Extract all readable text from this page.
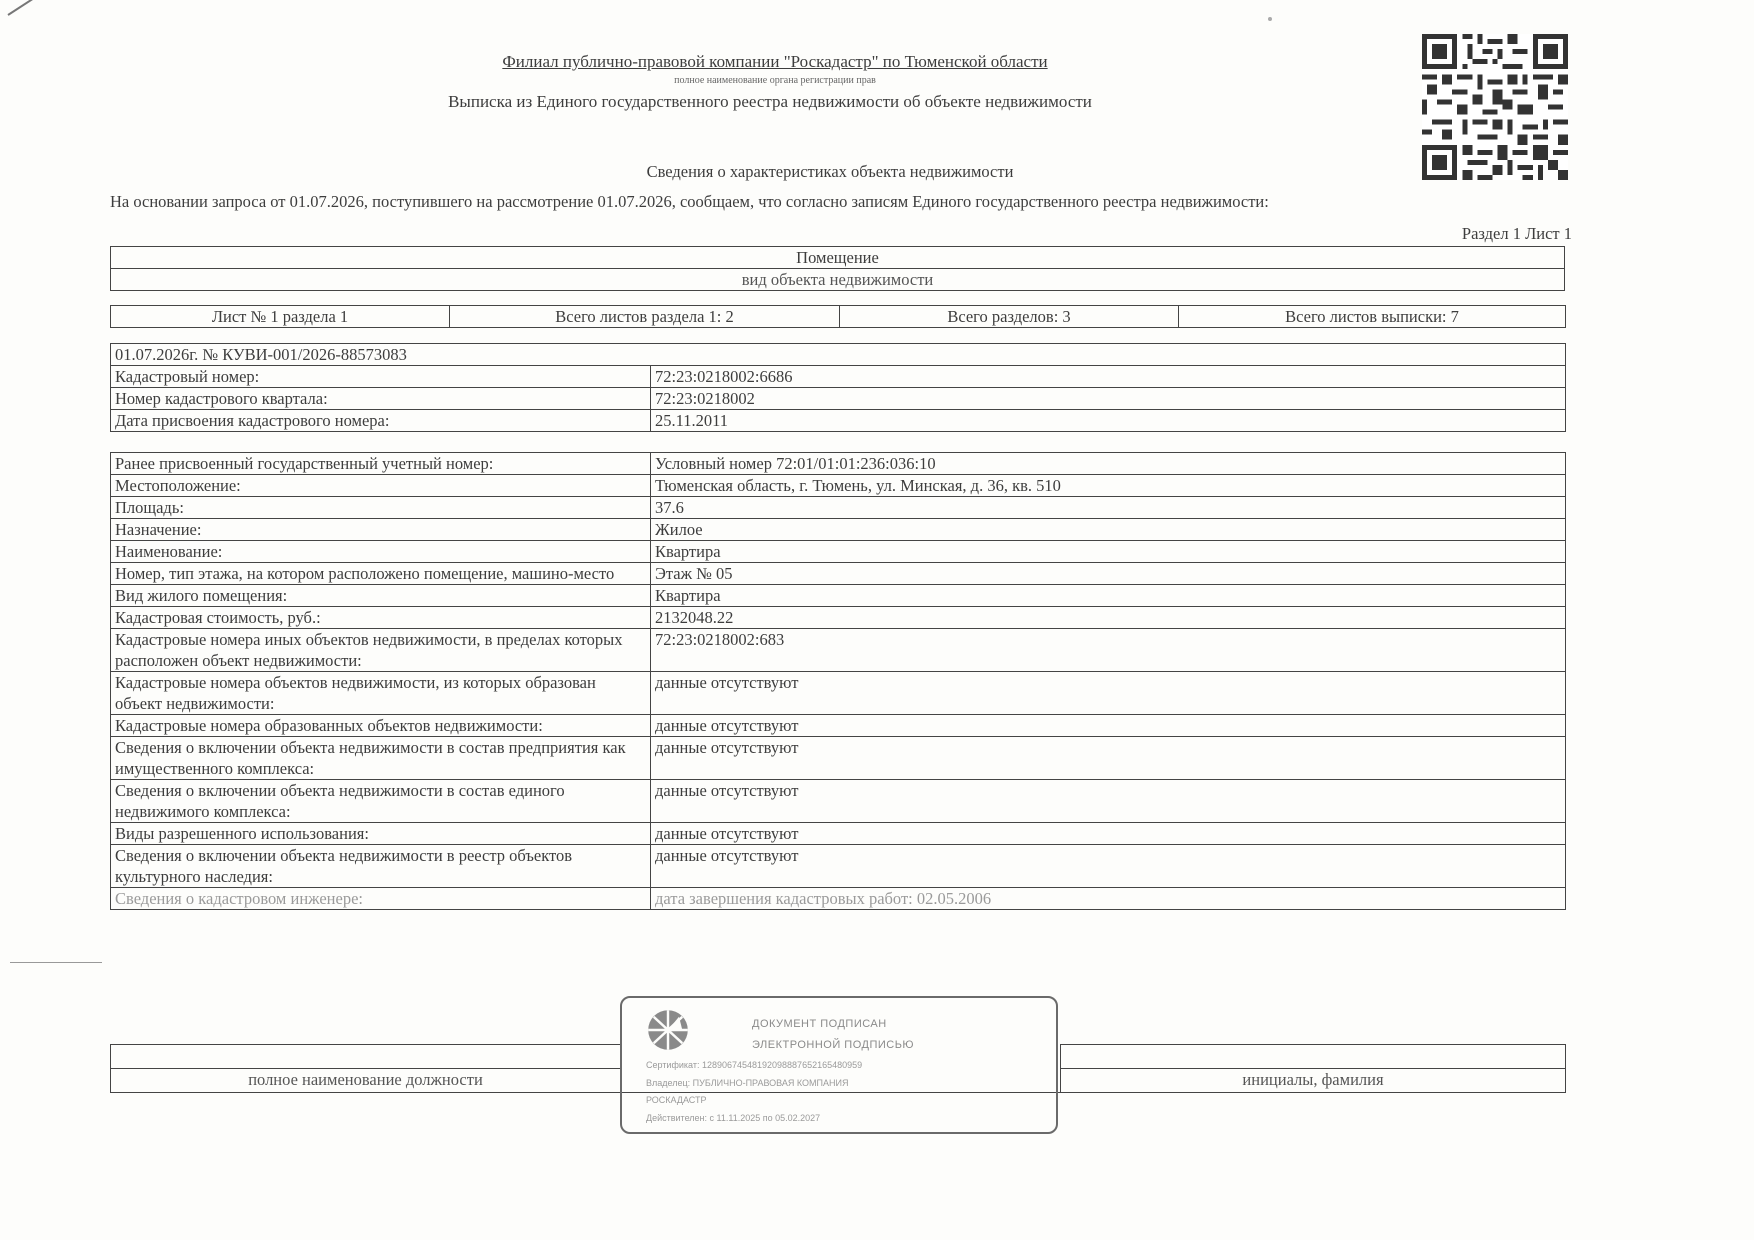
Филиал публично-правовой компании "Роскадастр" по Тюменской области
полное наименование органа регистрации прав
Выписка из Единого государственного реестра недвижимости об объекте недвижимости
Сведения о характеристиках объекта недвижимости
На основании запроса от 01.07.2026, поступившего на рассмотрение 01.07.2026, сообщаем, что согласно записям Единого государственного реестра недвижимости:
Раздел 1 Лист 1
Помещение
вид объекта недвижимости
Лист № 1 раздела 1	Всего листов раздела 1: 2	Всего разделов: 3	Всего листов выписки: 7
01.07.2026г. № КУВИ-001/2026-88573083	
Кадастровый номер:	72:23:0218002:6686
Номер кадастрового квартала:	72:23:0218002
Дата присвоения кадастрового номера:	25.11.2011
Ранее присвоенный государственный учетный номер:	Условный номер 72:01/01:01:236:036:10
Местоположение:	Тюменская область, г. Тюмень, ул. Минская, д. 36, кв. 510
Площадь:	37.6
Назначение:	Жилое
Наименование:	Квартира
Номер, тип этажа, на котором расположено помещение, машино-место	Этаж № 05
Вид жилого помещения:	Квартира
Кадастровая стоимость, руб.:	2132048.22
Кадастровые номера иных объектов недвижимости, в пределах которых расположен объект недвижимости:	72:23:0218002:683
Кадастровые номера объектов недвижимости, из которых образован объект недвижимости:	данные отсутствуют
Кадастровые номера образованных объектов недвижимости:	данные отсутствуют
Сведения о включении объекта недвижимости в состав предприятия как имущественного комплекса:	данные отсутствуют
Сведения о включении объекта недвижимости в состав единого недвижимого комплекса:	данные отсутствуют
Виды разрешенного использования:	данные отсутствуют
Сведения о включении объекта недвижимости в реестр объектов культурного наследия:	данные отсутствуют
Сведения о кадастровом инженере:	дата завершения кадастровых работ: 02.05.2006

полное наименование должности		инициалы, фамилия
ДОКУМЕНТ ПОДПИСАН
ЭЛЕКТРОННОЙ ПОДПИСЬЮ
Сертификат: 12890674548192098887652165480959
Владелец: ПУБЛИЧНО-ПРАВОВАЯ КОМПАНИЯ
РОСКАДАСТР
Действителен: с 11.11.2025 по 05.02.2027
